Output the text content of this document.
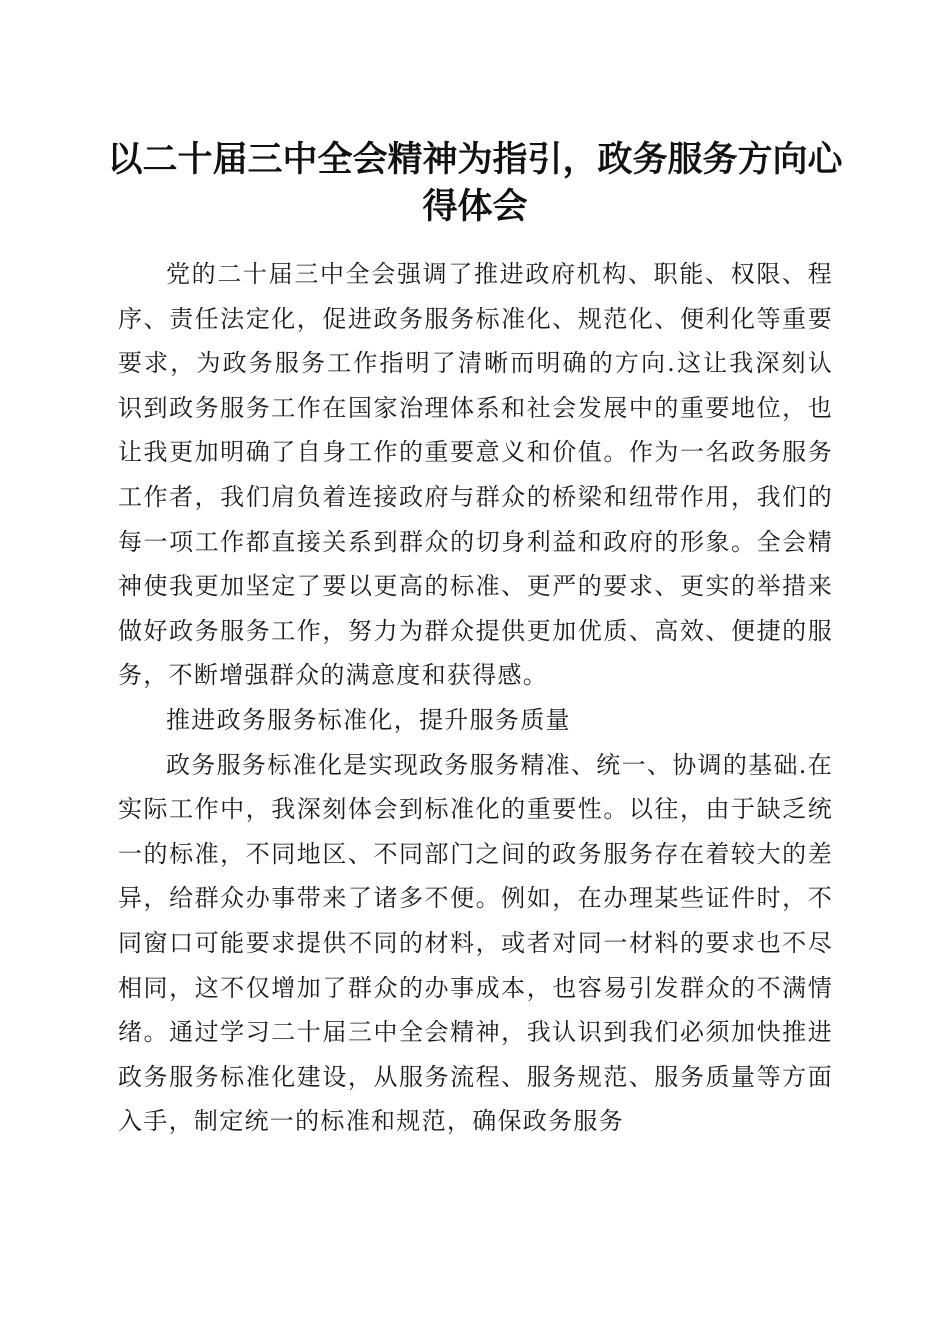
以二十届三中全会精神为指引，政务服务方向心得体会

党的二十届三中全会强调了推进政府机构、职能、权限、程序、责任法定化，促进政务服务标准化、规范化、便利化等重要要求，为政务服务工作指明了清晰而明确的方向.这让我深刻认识到政务服务工作在国家治理体系和社会发展中的重要地位，也让我更加明确了自身工作的重要意义和价值。作为一名政务服务工作者，我们肩负着连接政府与群众的桥梁和纽带作用，我们的每一项工作都直接关系到群众的切身利益和政府的形象。全会精神使我更加坚定了要以更高的标准、更严的要求、更实的举措来做好政务服务工作，努力为群众提供更加优质、高效、便捷的服务，不断增强群众的满意度和获得感。

推进政务服务标准化，提升服务质量

政务服务标准化是实现政务服务精准、统一、协调的基础.在实际工作中，我深刻体会到标准化的重要性。以往，由于缺乏统一的标准，不同地区、不同部门之间的政务服务存在着较大的差异，给群众办事带来了诸多不便。例如，在办理某些证件时，不同窗口可能要求提供不同的材料，或者对同一材料的要求也不尽相同，这不仅增加了群众的办事成本，也容易引发群众的不满情绪。通过学习二十届三中全会精神，我认识到我们必须加快推进政务服务标准化建设，从服务流程、服务规范、服务质量等方面入手，制定统一的标准和规范，确保政务服务
